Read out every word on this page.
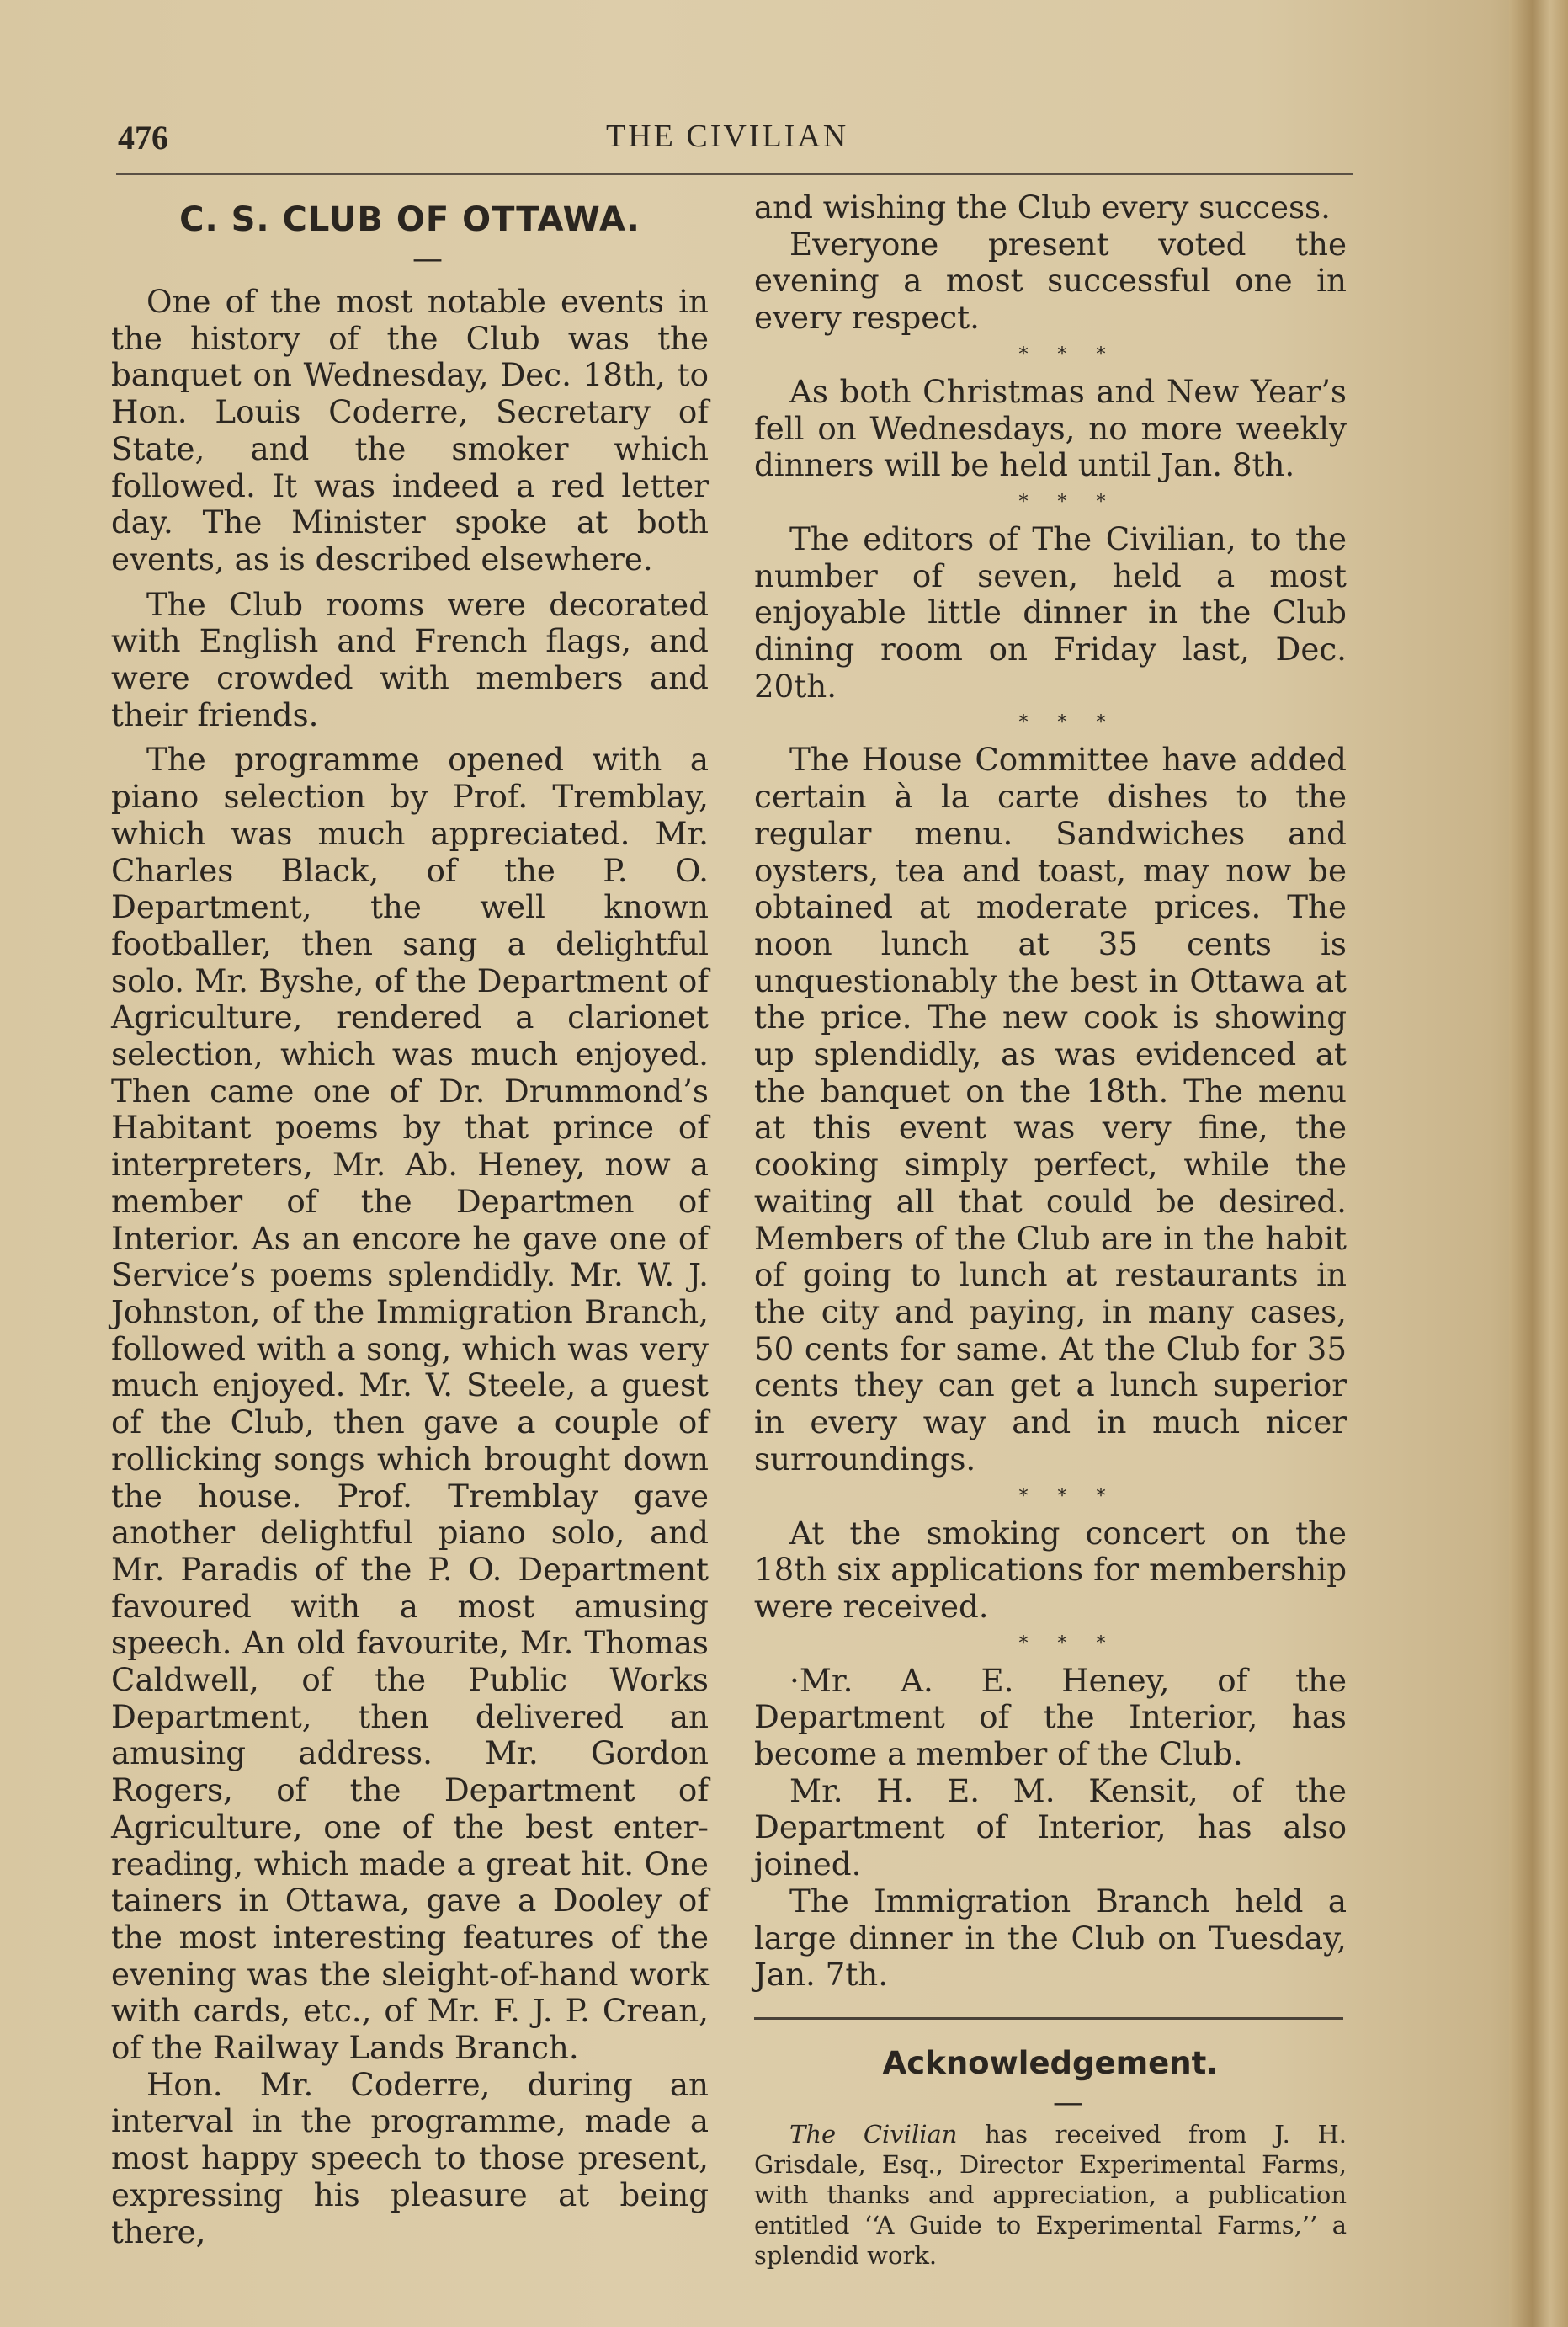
476	THE CIVILIAN

C. S. CLUB OF OTTAWA.

—

One of the most notable events in the history of the Club was the banquet on Wednesday, Dec. 18th, to Hon. Louis Coderre, Secretary of State, and the smoker which followed. It was indeed a red letter day. The Minister spoke at both events, as is described elsewhere.

The Club rooms were decorated with English and French flags, and were crowded with members and their friends.

The programme opened with a piano selection by Prof. Tremblay, which was much appreciated. Mr. Charles Black, of the P. O. Department, the well known footballer, then sang a delightful solo. Mr. Byshe, of the Department of Agriculture, rendered a clarionet selection, which was much enjoyed. Then came one of Dr. Drummond’s Habitant poems by that prince of interpreters, Mr. Ab. Heney, now a member of the Departmen of Interior. As an encore he gave one of Service’s poems splendidly. Mr. W. J. Johnston, of the Immigration Branch, followed with a song, which was very much enjoyed. Mr. V. Steele, a guest of the Club, then gave a couple of rollicking songs which brought down the house. Prof. Tremblay gave another delightful piano solo, and Mr. Paradis of the P. O. Department favoured with a most amusing speech. An old favourite, Mr. Thomas Caldwell, of the Public Works Department, then delivered an amusing address. Mr. Gordon Rogers, of the Department of Agriculture, one of the best enter-reading, which made a great hit. One tainers in Ottawa, gave a Dooley of the most interesting features of the evening was the sleight-of-hand work with cards, etc., of Mr. F. J. P. Crean, of the Railway Lands Branch.

Hon. Mr. Coderre, during an interval in the programme, made a most happy speech to those present, expressing his pleasure at being there,

and wishing the Club every success.

Everyone present voted the evening a most successful one in every respect.

* * *

As both Christmas and New Year’s fell on Wednesdays, no more weekly dinners will be held until Jan. 8th.

* * *

The editors of The Civilian, to the number of seven, held a most enjoyable little dinner in the Club dining room on Friday last, Dec. 20th.

* * *

The House Committee have added certain à la carte dishes to the regular menu. Sandwiches and oysters, tea and toast, may now be obtained at moderate prices. The noon lunch at 35 cents is unquestionably the best in Ottawa at the price. The new cook is showing up splendidly, as was evidenced at the banquet on the 18th. The menu at this event was very fine, the cooking simply perfect, while the waiting all that could be desired. Members of the Club are in the habit of going to lunch at restaurants in the city and paying, in many cases, 50 cents for same. At the Club for 35 cents they can get a lunch superior in every way and in much nicer surroundings.

* * *

At the smoking concert on the 18th six applications for membership were received.

* * *

·Mr. A. E. Heney, of the Department of the Interior, has become a member of the Club.

Mr. H. E. M. Kensit, of the Department of Interior, has also joined.

The Immigration Branch held a large dinner in the Club on Tuesday, Jan. 7th.

Acknowledgement.

—

The Civilian has received from J. H. Grisdale, Esq., Director Experimental Farms, with thanks and appreciation, a publication entitled ‘‘A Guide to Experimental Farms,’’ a splendid work.
